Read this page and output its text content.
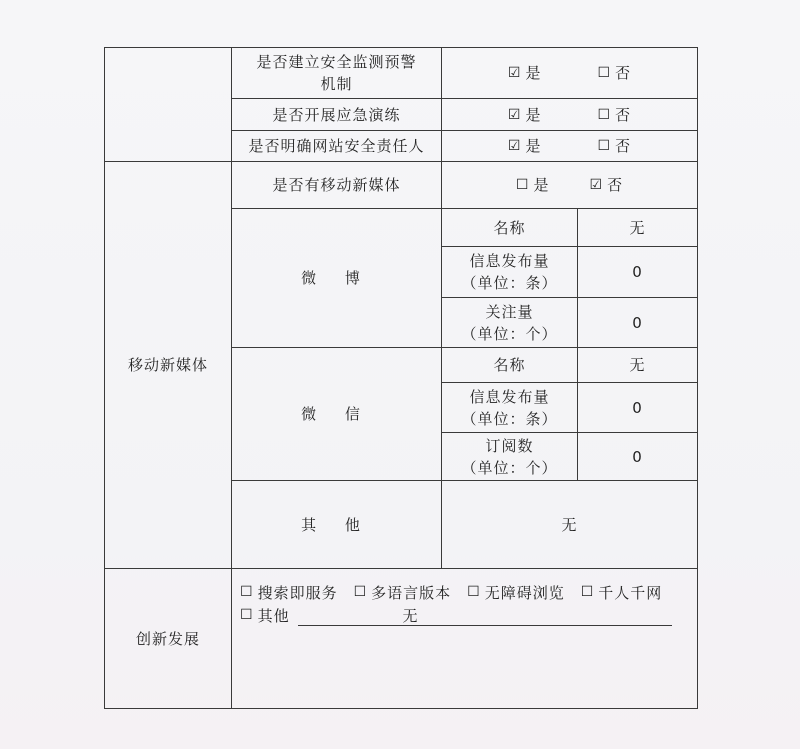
是否建立安全监测预警
机制
☑ 是	☐ 否
是否开展应急演练	☑ 是	☐ 否
是否明确网站安全责任人	☑ 是	☐ 否
移动新媒体
是否有移动新媒体	☐ 是	☑ 否
微 博
名称	无
信息发布量
（单位：条）
0
关注量
（单位：个）
0
微 信
名称	无
信息发布量
（单位：条）
0
订阅数
（单位：个）
0
其 他	无
创新发展
☐ 搜索即服务 ☐ 多语言版本 ☐ 无障碍浏览 ☐ 千人千网
☐ 其他	无
